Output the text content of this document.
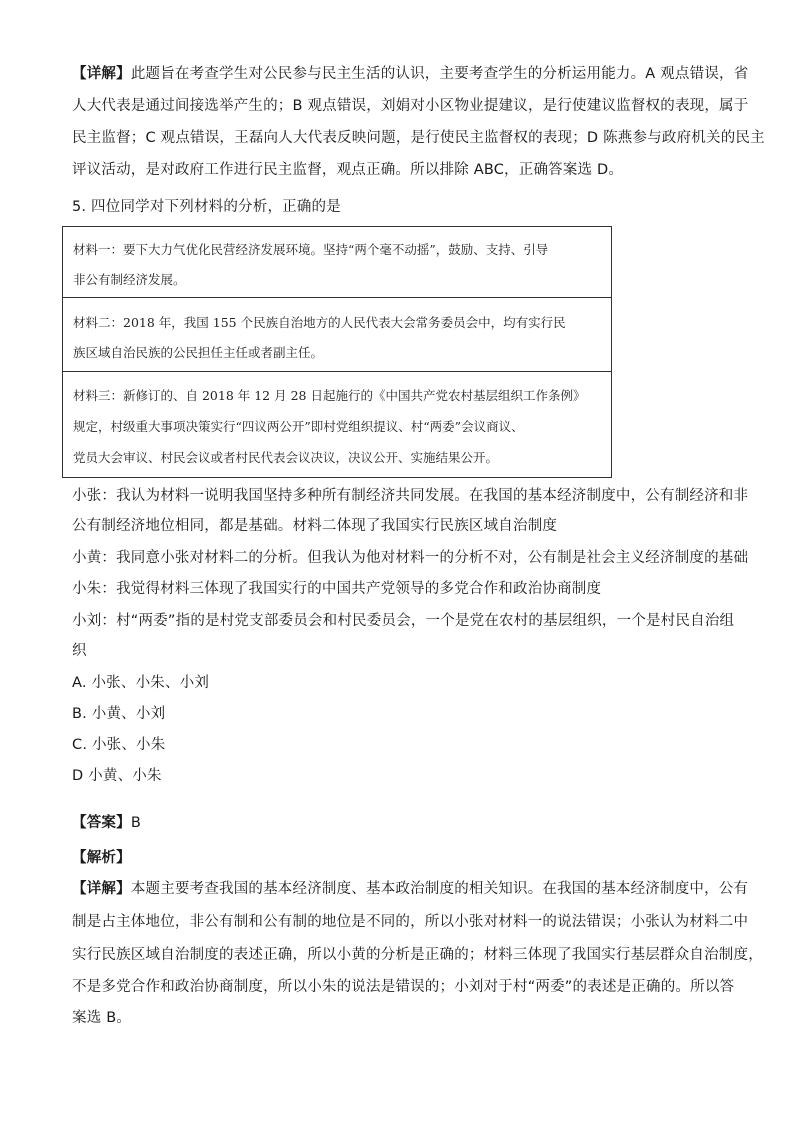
【详解】此题旨在考查学生对公民参与民主生活的认识，主要考查学生的分析运用能力。A 观点错误，省
人大代表是通过间接选举产生的；B 观点错误，刘娟对小区物业提建议，是行使建议监督权的表现，属于
民主监督；C 观点错误，王磊向人大代表反映问题，是行使民主监督权的表现；D 陈燕参与政府机关的民主
评议活动，是对政府工作进行民主监督，观点正确。所以排除 ABC，正确答案选 D。
5. 四位同学对下列材料的分析，正确的是
材料一：要下大力气优化民营经济发展环境。坚持“两个毫不动摇”，鼓励、支持、引导
非公有制经济发展。
材料二：2018 年，我国 155 个民族自治地方的人民代表大会常务委员会中，均有实行民
族区域自治民族的公民担任主任或者副主任。
材料三：新修订的、自 2018 年 12 月 28 日起施行的《中国共产党农村基层组织工作条例》
规定，村级重大事项决策实行“四议两公开”即村党组织提议、村“两委”会议商议、
党员大会审议、村民会议或者村民代表会议决议，决议公开、实施结果公开。
小张：我认为材料一说明我国坚持多种所有制经济共同发展。在我国的基本经济制度中，公有制经济和非
公有制经济地位相同，都是基础。材料二体现了我国实行民族区域自治制度
小黄：我同意小张对材料二的分析。但我认为他对材料一的分析不对，公有制是社会主义经济制度的基础
小朱：我觉得材料三体现了我国实行的中国共产党领导的多党合作和政治协商制度
小刘：村“两委”指的是村党支部委员会和村民委员会，一个是党在农村的基层组织，一个是村民自治组
织
A. 小张、小朱、小刘
B. 小黄、小刘
C. 小张、小朱
D 小黄、小朱
【答案】B
【解析】
【详解】本题主要考查我国的基本经济制度、基本政治制度的相关知识。在我国的基本经济制度中，公有
制是占主体地位，非公有制和公有制的地位是不同的，所以小张对材料一的说法错误；小张认为材料二中
实行民族区域自治制度的表述正确，所以小黄的分析是正确的；材料三体现了我国实行基层群众自治制度，
不是多党合作和政治协商制度，所以小朱的说法是错误的；小刘对于村“两委”的表述是正确的。所以答
案选 B。
